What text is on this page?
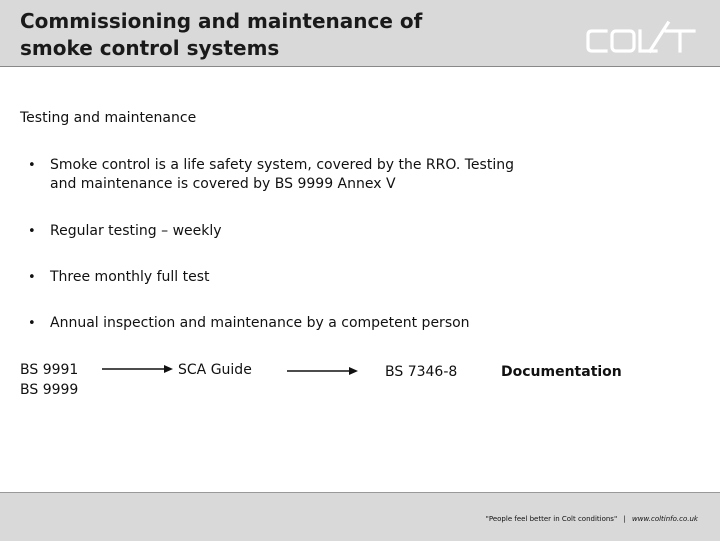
Commissioning and maintenance of
smoke control systems
Testing and maintenance
• Smoke control is a life safety system, covered by the RRO. Testing and maintenance is covered by BS 9999 Annex V
• Regular testing – weekly
• Three monthly full test
• Annual inspection and maintenance by a competent person
BS 9991
BS 9999
SCA Guide	BS 7346-8	Documentation
"People feel better in Colt conditions" | www.coltinfo.co.uk
